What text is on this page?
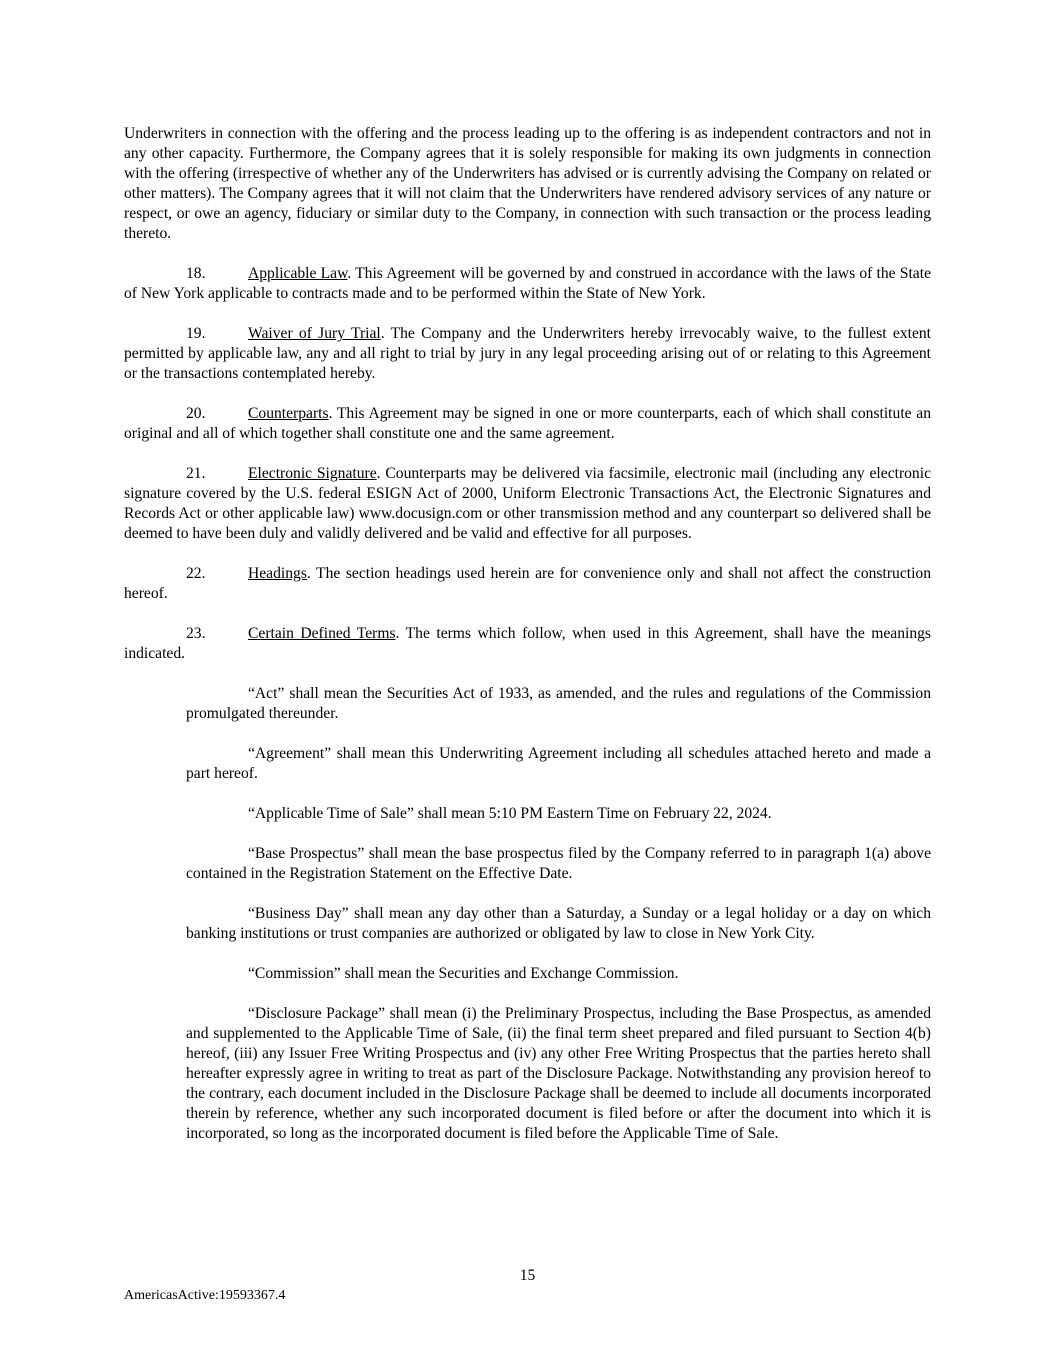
Underwriters in connection with the offering and the process leading up to the offering is as independent contractors and not in any other capacity. Furthermore, the Company agrees that it is solely responsible for making its own judgments in connection with the offering (irrespective of whether any of the Underwriters has advised or is currently advising the Company on related or other matters). The Company agrees that it will not claim that the Underwriters have rendered advisory services of any nature or respect, or owe an agency, fiduciary or similar duty to the Company, in connection with such transaction or the process leading thereto.

18.	Applicable Law. This Agreement will be governed by and construed in accordance with the laws of the State of New York applicable to contracts made and to be performed within the State of New York.

19.	Waiver of Jury Trial. The Company and the Underwriters hereby irrevocably waive, to the fullest extent permitted by applicable law, any and all right to trial by jury in any legal proceeding arising out of or relating to this Agreement or the transactions contemplated hereby.

20.	Counterparts. This Agreement may be signed in one or more counterparts, each of which shall constitute an original and all of which together shall constitute one and the same agreement.

21.	Electronic Signature. Counterparts may be delivered via facsimile, electronic mail (including any electronic signature covered by the U.S. federal ESIGN Act of 2000, Uniform Electronic Transactions Act, the Electronic Signatures and Records Act or other applicable law) www.docusign.com or other transmission method and any counterpart so delivered shall be deemed to have been duly and validly delivered and be valid and effective for all purposes.

22.	Headings. The section headings used herein are for convenience only and shall not affect the construction hereof.

23.	Certain Defined Terms. The terms which follow, when used in this Agreement, shall have the meanings indicated.

“Act” shall mean the Securities Act of 1933, as amended, and the rules and regulations of the Commission promulgated thereunder.

“Agreement” shall mean this Underwriting Agreement including all schedules attached hereto and made a part hereof.

“Applicable Time of Sale” shall mean 5:10 PM Eastern Time on February 22, 2024.

“Base Prospectus” shall mean the base prospectus filed by the Company referred to in paragraph 1(a) above contained in the Registration Statement on the Effective Date.

“Business Day” shall mean any day other than a Saturday, a Sunday or a legal holiday or a day on which banking institutions or trust companies are authorized or obligated by law to close in New York City.

“Commission” shall mean the Securities and Exchange Commission.

“Disclosure Package” shall mean (i) the Preliminary Prospectus, including the Base Prospectus, as amended and supplemented to the Applicable Time of Sale, (ii) the final term sheet prepared and filed pursuant to Section 4(b) hereof, (iii) any Issuer Free Writing Prospectus and (iv) any other Free Writing Prospectus that the parties hereto shall hereafter expressly agree in writing to treat as part of the Disclosure Package. Notwithstanding any provision hereof to the contrary, each document included in the Disclosure Package shall be deemed to include all documents incorporated therein by reference, whether any such incorporated document is filed before or after the document into which it is incorporated, so long as the incorporated document is filed before the Applicable Time of Sale.

15
AmericasActive:19593367.4
